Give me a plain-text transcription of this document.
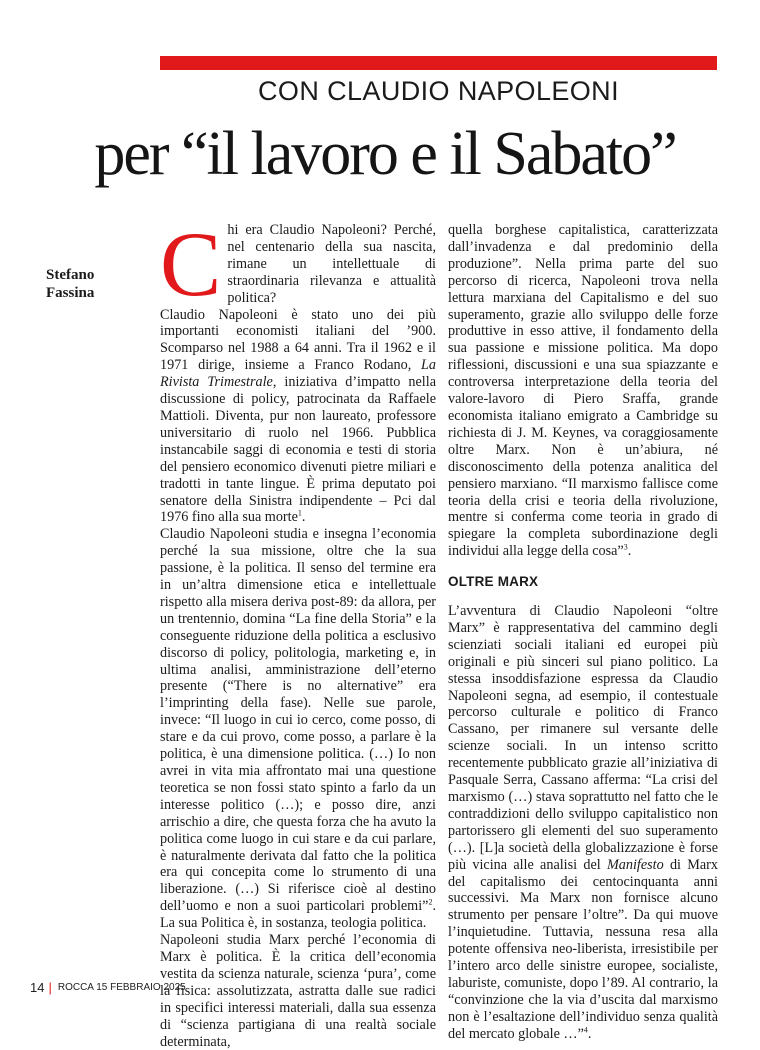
CON CLAUDIO NAPOLEONI
per “il lavoro e il Sabato”
Stefano
Fassina Chi era Claudio Napoleoni? Perché, nel centenario della sua nascita, rimane un intellettuale di straordinaria rilevanza e attualità politica?

Claudio Napoleoni è stato uno dei più importanti economisti italiani del ’900. Scomparso nel 1988 a 64 anni. Tra il 1962 e il 1971 dirige, insieme a Franco Rodano, La Rivista Trimestrale, iniziativa d’impatto nella discussione di policy, patrocinata da Raffaele Mattioli. Diventa, pur non laureato, professore universitario di ruolo nel 1966. Pubblica instancabile saggi di economia e testi di storia del pensiero economico divenuti pietre miliari e tradotti in tante lingue. È prima deputato poi senatore della Sinistra indipendente – Pci dal 1976 fino alla sua morte$^1$.

Claudio Napoleoni studia e insegna l’economia perché la sua missione, oltre che la sua passione, è la politica. Il senso del termine era in un’altra dimensione etica e intellettuale rispetto alla misera deriva post-89: da allora, per un trentennio, domina “La fine della Storia” e la conseguente riduzione della politica a esclusivo discorso di policy, politologia, marketing e, in ultima analisi, amministrazione dell’eterno presente (“There is no alternative” era l’imprinting della fase). Nelle sue parole, invece: “Il luogo in cui io cerco, come posso, di stare e da cui provo, come posso, a parlare è la politica, è una dimensione politica. (…) Io non avrei in vita mia affrontato mai una questione teoretica se non fossi stato spinto a farlo da un interesse politico (…); e posso dire, anzi arrischio a dire, che questa forza che ha avuto la politica come luogo in cui stare e da cui parlare, è naturalmente derivata dal fatto che la politica era qui concepita come lo strumento di una liberazione. (…) Si riferisce cioè al destino dell’uomo e non a suoi particolari problemi”$^2$. La sua Politica è, in sostanza, teologia politica.

Napoleoni studia Marx perché l’economia di Marx è politica. È la critica dell’economia vestita da scienza naturale, scienza ‘pura’, come la fisica: assolutizzata, astratta dalle sue radici in specifici interessi materiali, dalla sua essenza di “scienza partigiana di una realtà sociale determinata,

quella borghese capitalistica, caratterizzata dall’invadenza e dal predominio della produzione”. Nella prima parte del suo percorso di ricerca, Napoleoni trova nella lettura marxiana del Capitalismo e del suo superamento, grazie allo sviluppo delle forze produttive in esso attive, il fondamento della sua passione e missione politica. Ma dopo riflessioni, discussioni e una sua spiazzante e controversa interpretazione della teoria del valore-lavoro di Piero Sraffa, grande economista italiano emigrato a Cambridge su richiesta di J. M. Keynes, va coraggiosamente oltre Marx. Non è un’abiura, né disconoscimento della potenza analitica del pensiero marxiano. “Il marxismo fallisce come teoria della crisi e teoria della rivoluzione, mentre si conferma come teoria in grado di spiegare la completa subordinazione degli individui alla legge della cosa”$^3$.

OLTRE MARX

L’avventura di Claudio Napoleoni “oltre Marx” è rappresentativa del cammino degli scienziati sociali italiani ed europei più originali e più sinceri sul piano politico. La stessa insoddisfazione espressa da Claudio Napoleoni segna, ad esempio, il contestuale percorso culturale e politico di Franco Cassano, per rimanere sul versante delle scienze sociali. In un intenso scritto recentemente pubblicato grazie all’iniziativa di Pasquale Serra, Cassano afferma: “La crisi del marxismo (…) stava soprattutto nel fatto che le contraddizioni dello sviluppo capitalistico non partorissero gli elementi del suo superamento (…). [L]a società della globalizzazione è forse più vicina alle analisi del Manifesto di Marx del capitalismo dei centocinquanta anni successivi. Ma Marx non fornisce alcuno strumento per pensare l’oltre”. Da qui muove l’inquietudine. Tuttavia, nessuna resa alla potente offensiva neo-liberista, irresistibile per l’intero arco delle sinistre europee, socialiste, laburiste, comuniste, dopo l’89. Al contrario, la “convinzione che la via d’uscita dal marxismo non è l’esaltazione dell’individuo senza qualità del mercato globale …”$^4$.

14 | ROCCA 15 FEBBRAIO 2025
